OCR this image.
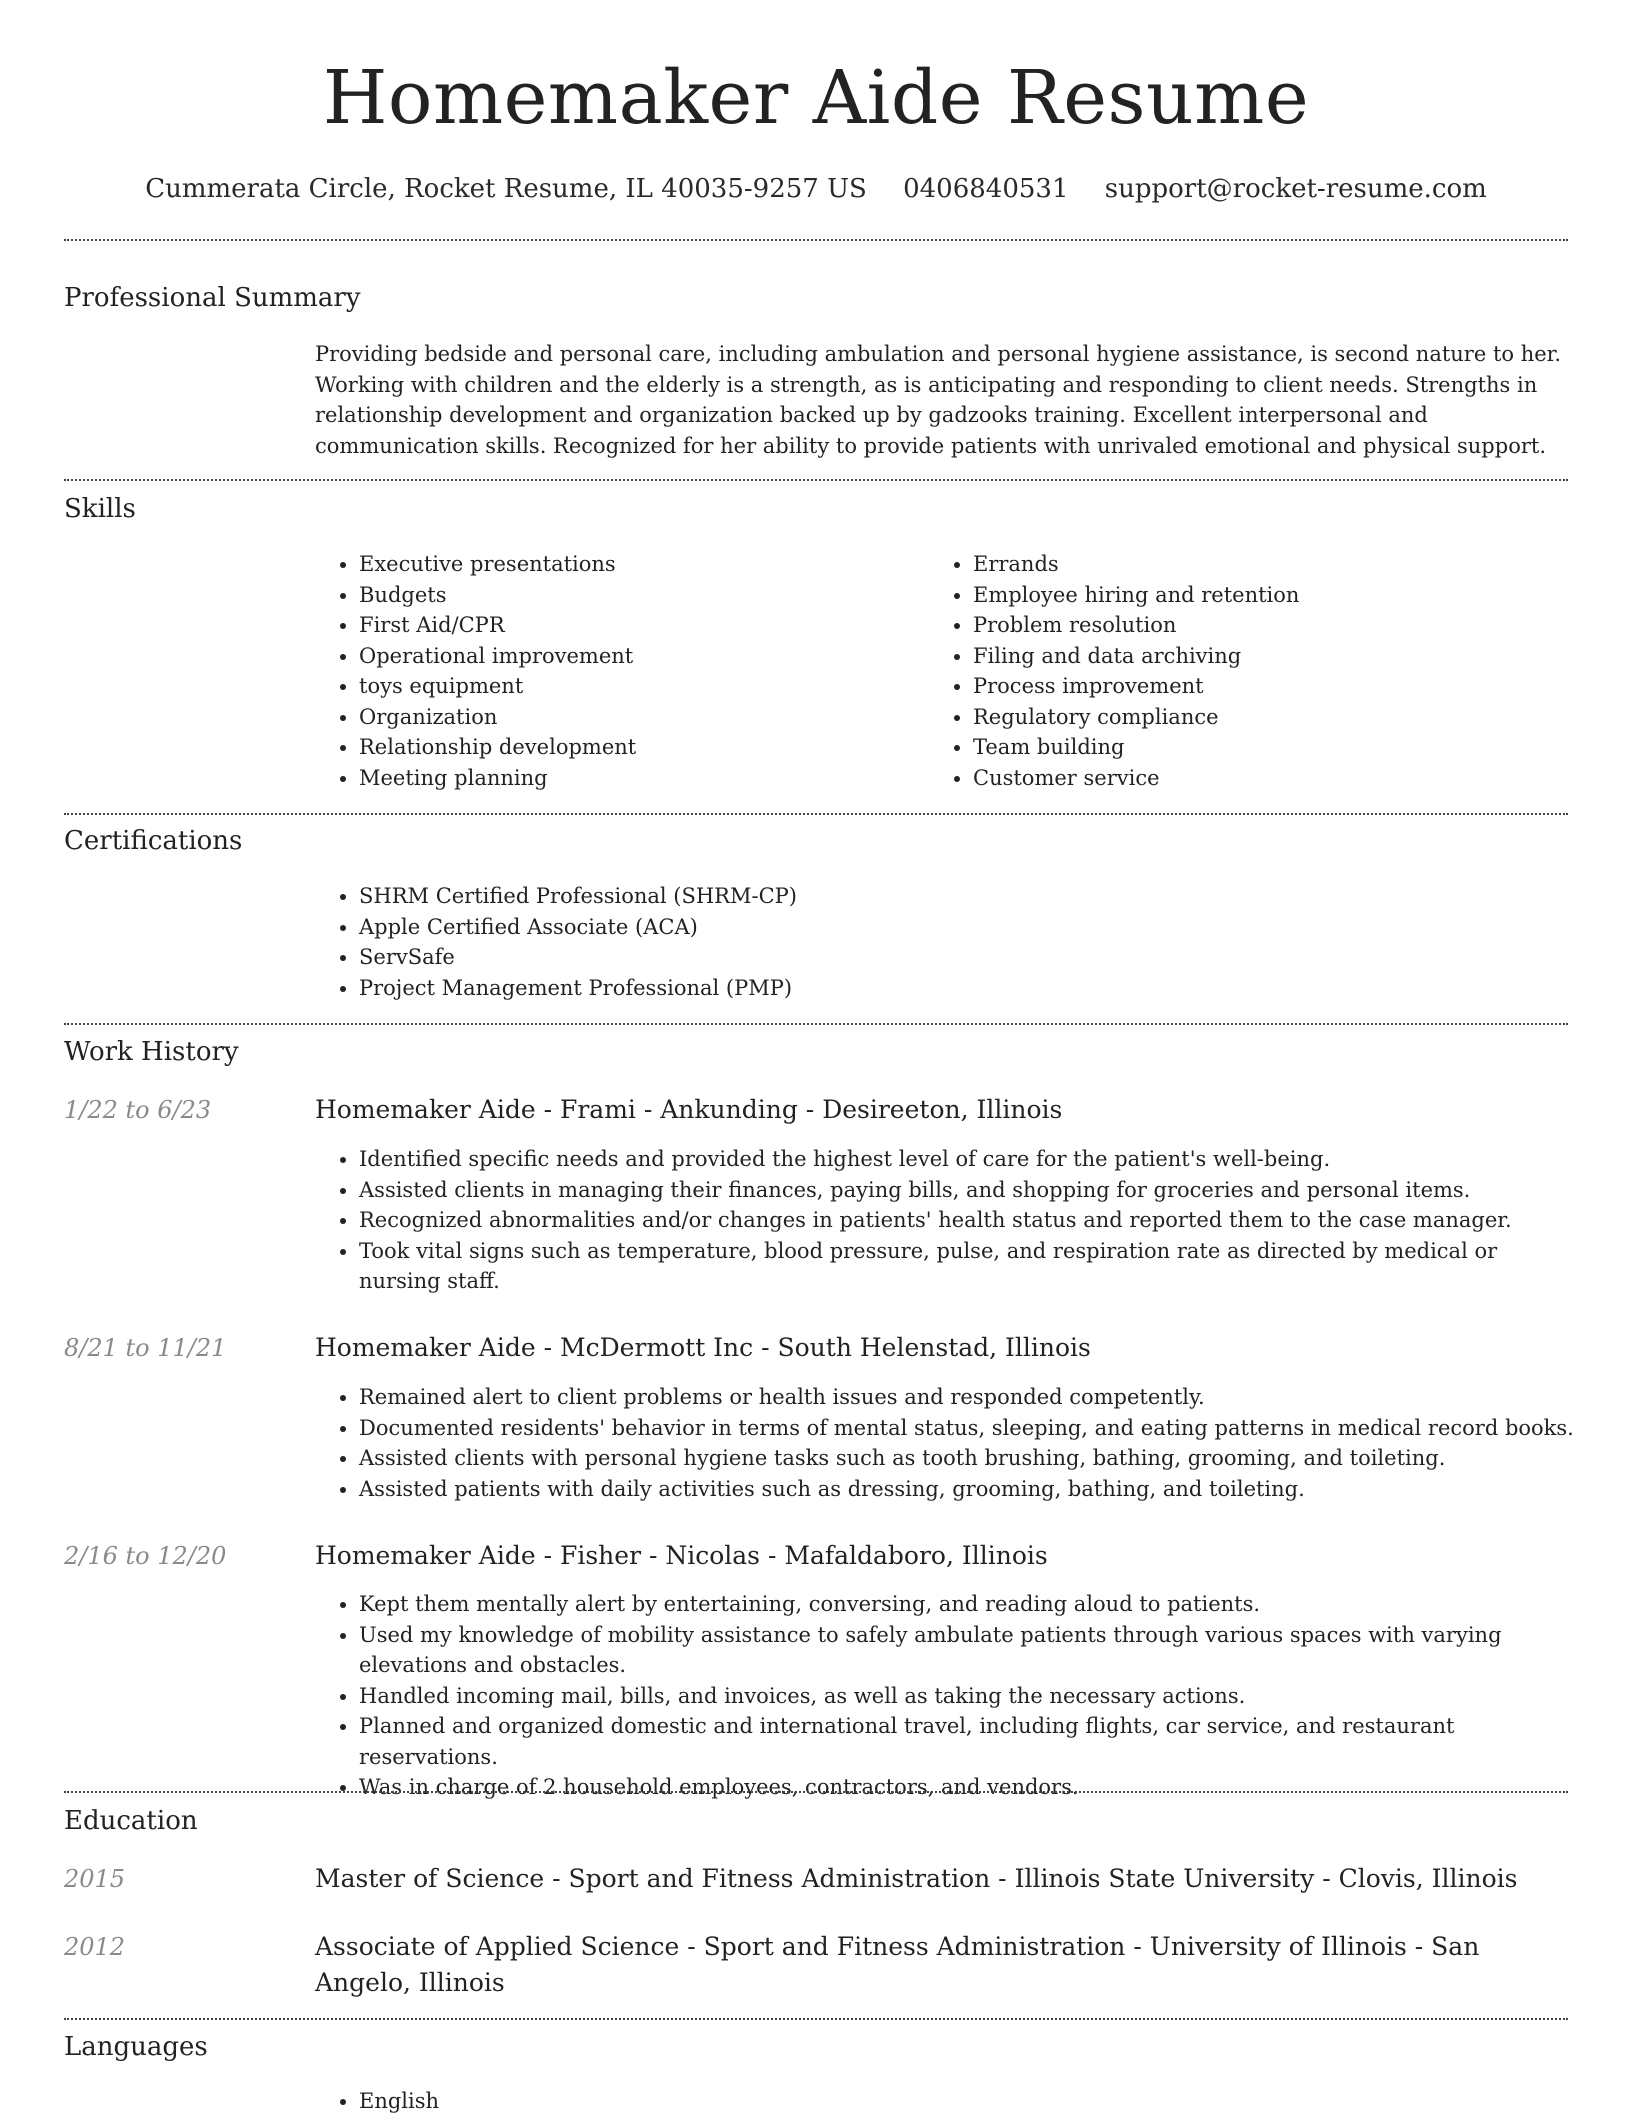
Homemaker Aide Resume
Cummerata Circle, Rocket Resume, IL 40035-9257 US 0406840531 support@rocket-resume.com
Professional Summary

Providing bedside and personal care, including ambulation and personal hygiene assistance, is second nature to her. Working with children and the elderly is a strength, as is anticipating and responding to client needs. Strengths in relationship development and organization backed up by gadzooks training. Excellent interpersonal and communication skills. Recognized for her ability to provide patients with unrivaled emotional and physical support.

Skills
• Executive presentations
• Budgets
• First Aid/CPR
• Operational improvement
• toys equipment
• Organization
• Relationship development
• Meeting planning
• Errands
• Employee hiring and retention
• Problem resolution
• Filing and data archiving
• Process improvement
• Regulatory compliance
• Team building
• Customer service
Certifications
• SHRM Certified Professional (SHRM-CP)
• Apple Certified Associate (ACA)
• ServSafe
• Project Management Professional (PMP)
Work History
1/22 to 6/23	Homemaker Aide - Frami - Ankunding - Desireeton, Illinois
• Identified specific needs and provided the highest level of care for the patient's well-being.
• Assisted clients in managing their finances, paying bills, and shopping for groceries and personal items.
• Recognized abnormalities and/or changes in patients' health status and reported them to the case manager.
• Took vital signs such as temperature, blood pressure, pulse, and respiration rate as directed by medical or nursing staff.
8/21 to 11/21	Homemaker Aide - McDermott Inc - South Helenstad, Illinois
• Remained alert to client problems or health issues and responded competently.
• Documented residents' behavior in terms of mental status, sleeping, and eating patterns in medical record books.
• Assisted clients with personal hygiene tasks such as tooth brushing, bathing, grooming, and toileting.
• Assisted patients with daily activities such as dressing, grooming, bathing, and toileting.
2/16 to 12/20	Homemaker Aide - Fisher - Nicolas - Mafaldaboro, Illinois
• Kept them mentally alert by entertaining, conversing, and reading aloud to patients.
• Used my knowledge of mobility assistance to safely ambulate patients through various spaces with varying elevations and obstacles.
• Handled incoming mail, bills, and invoices, as well as taking the necessary actions.
• Planned and organized domestic and international travel, including flights, car service, and restaurant reservations.
• Was in charge of 2 household employees, contractors, and vendors.
Education
2015	Master of Science - Sport and Fitness Administration - Illinois State University - Clovis, Illinois
2012	Associate of Applied Science - Sport and Fitness Administration - University of Illinois - San Angelo, Illinois
Languages
• English
